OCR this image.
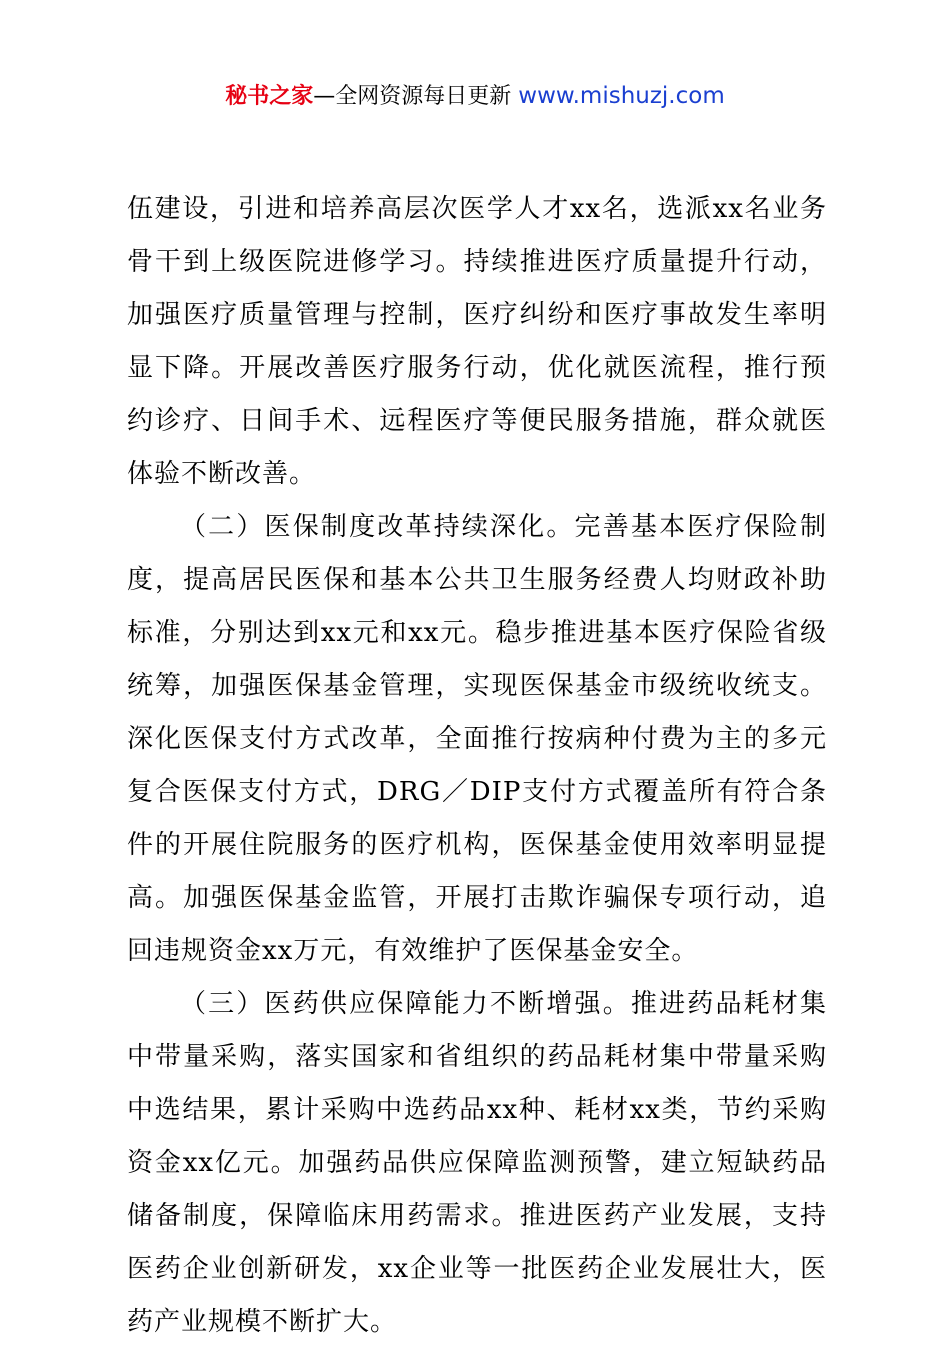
秘书之家—全网资源每日更新 www.mishuzj.com

伍建设，引进和培养高层次医学人才xx名，选派xx名业务骨干到上级医院进修学习。持续推进医疗质量提升行动，加强医疗质量管理与控制，医疗纠纷和医疗事故发生率明显下降。开展改善医疗服务行动，优化就医流程，推行预约诊疗、日间手术、远程医疗等便民服务措施，群众就医体验不断改善。

（二）医保制度改革持续深化。完善基本医疗保险制度，提高居民医保和基本公共卫生服务经费人均财政补助标准，分别达到xx元和xx元。稳步推进基本医疗保险省级统筹，加强医保基金管理，实现医保基金市级统收统支。深化医保支付方式改革，全面推行按病种付费为主的多元复合医保支付方式，DRG／DIP支付方式覆盖所有符合条件的开展住院服务的医疗机构，医保基金使用效率明显提高。加强医保基金监管，开展打击欺诈骗保专项行动，追回违规资金xx万元，有效维护了医保基金安全。

（三）医药供应保障能力不断增强。推进药品耗材集中带量采购，落实国家和省组织的药品耗材集中带量采购中选结果，累计采购中选药品xx种、耗材xx类，节约采购资金xx亿元。加强药品供应保障监测预警，建立短缺药品储备制度，保障临床用药需求。推进医药产业发展，支持医药企业创新研发，xx企业等一批医药企业发展壮大，医药产业规模不断扩大。
